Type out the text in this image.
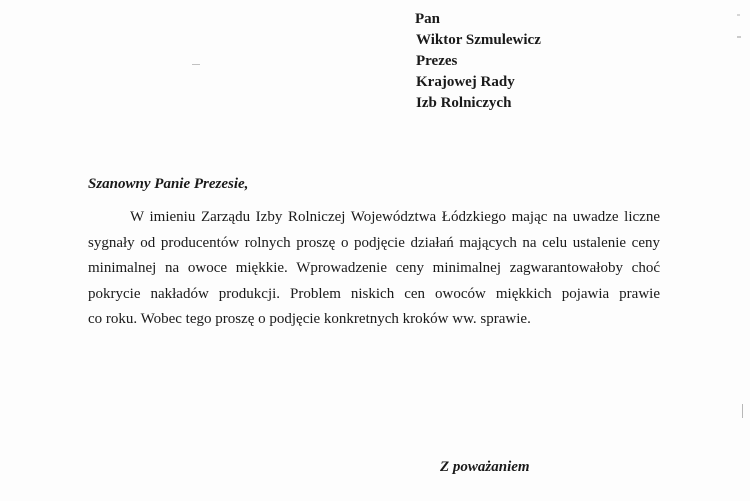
Pan
Wiktor Szmulewicz
Prezes
Krajowej Rady
Izb Rolniczych
Szanowny Panie Prezesie,
W imieniu Zarządu Izby Rolniczej Województwa Łódzkiego mając na uwadze liczne
sygnały od producentów rolnych proszę o podjęcie działań mających na celu ustalenie ceny
minimalnej na owoce miękkie. Wprowadzenie ceny minimalnej zagwarantowałoby choć
pokrycie nakładów produkcji. Problem niskich cen owoców miękkich pojawia prawie
co roku. Wobec tego proszę o podjęcie konkretnych kroków ww. sprawie.
Z poważaniem
